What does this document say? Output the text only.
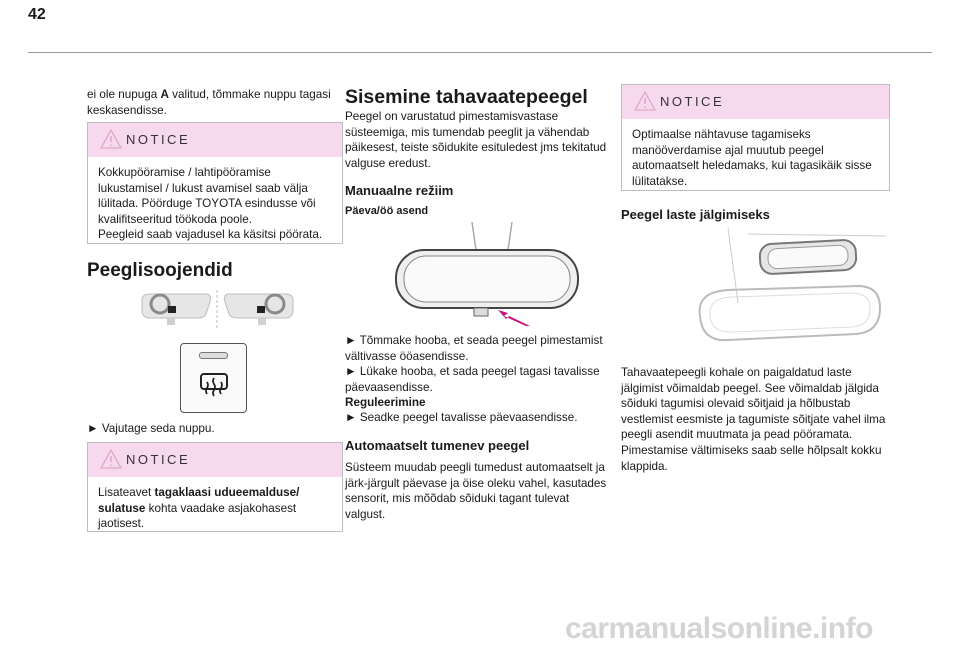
42

ei ole nupuga A valitud, tõmmake nuppu tagasi keskasendisse.

NOTICE

Kokkupööramise / lahtipööramise lukustamisel / lukust avamisel saab välja lülitada. Pöörduge TOYOTA esindusse või kvalifitseeritud töökoda poole.

Peegleid saab vajadusel ka käsitsi pöörata.

Peeglisoojendid

► Vajutage seda nuppu.

NOTICE

Lisateavet tagaklaasi udueemalduse/ sulatuse kohta vaadake asjakohasest jaotisest.

Sisemine tahavaatepeegel

Peegel on varustatud pimestamisvastase süsteemiga, mis tumendab peeglit ja vähendab päikesest, teiste sõidukite esituledest jms tekitatud valguse eredust.

Manuaalne režiim
Päeva/öö asend

► Tõmmake hooba, et seada peegel pimestamist vältivasse ööasendisse.

► Lükake hooba, et sada peegel tagasi tavalisse päevaasendisse.

Reguleerimine

► Seadke peegel tavalisse päevaasendisse.

Automaatselt tumenev peegel

Süsteem muudab peegli tumedust automaatselt ja järk-järgult päevase ja öise oleku vahel, kasutades sensorit, mis mõõdab sõiduki tagant tulevat valgust.

NOTICE

Optimaalse nähtavuse tagamiseks manööverdamise ajal muutub peegel automaatselt heledamaks, kui tagasikäik sisse lülitatakse.

Peegel laste jälgimiseks

Tahavaatepeegli kohale on paigaldatud laste jälgimist võimaldab peegel. See võimaldab jälgida sõiduki tagumisi olevaid sõitjaid ja hõlbustab vestlemist eesmiste ja tagumiste sõitjate vahel ilma peegli asendit muutmata ja pead pööramata. Pimestamise vältimiseks saab selle hõlpsalt kokku klappida.

carmanualsonline.info
